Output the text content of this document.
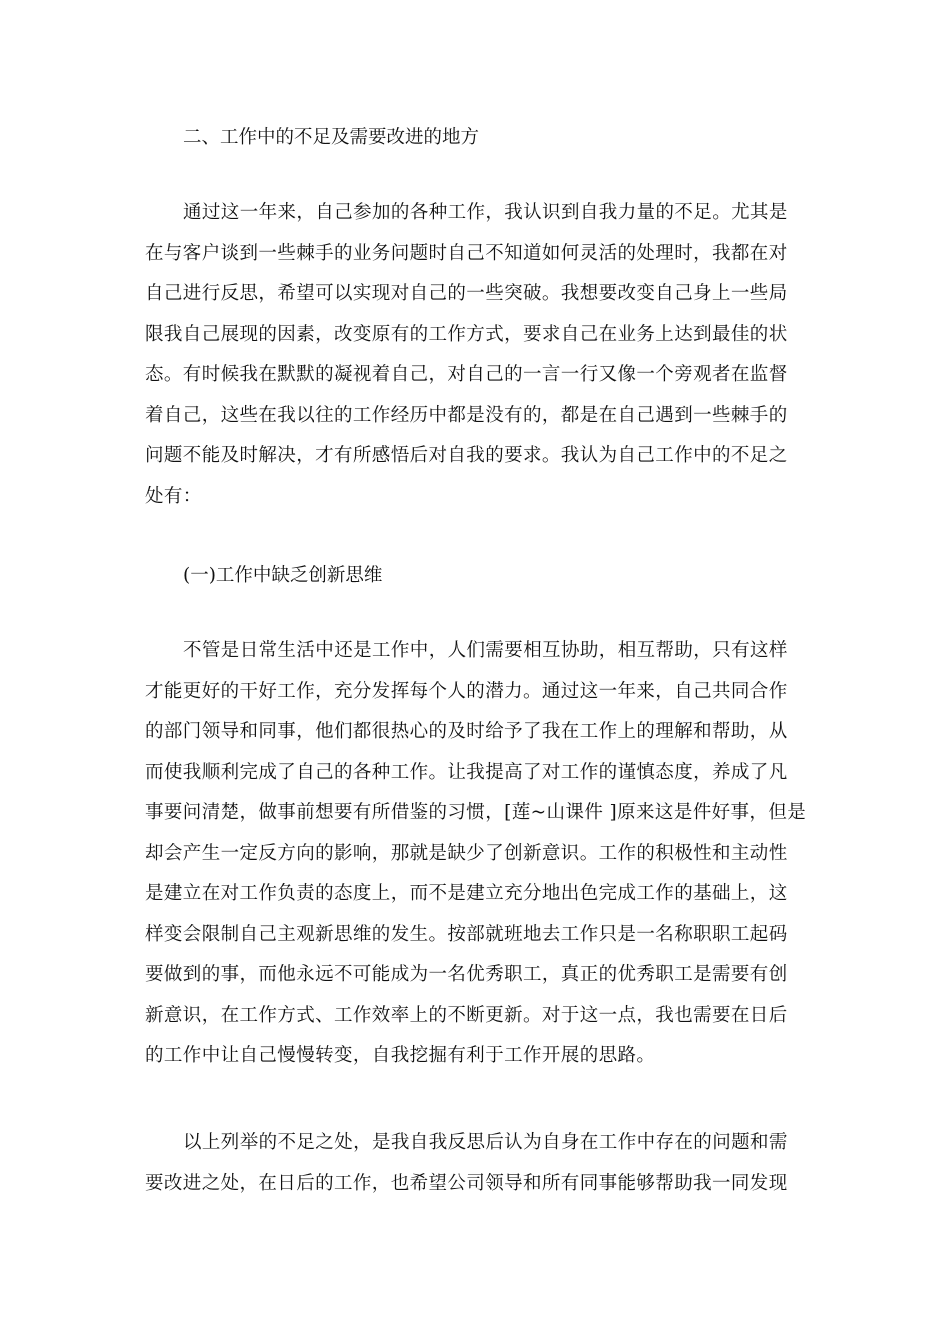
二、工作中的不足及需要改进的地方

通过这一年来，自己参加的各种工作，我认识到自我力量的不足。尤其是
在与客户谈到一些棘手的业务问题时自己不知道如何灵活的处理时，我都在对
自己进行反思，希望可以实现对自己的一些突破。我想要改变自己身上一些局
限我自己展现的因素，改变原有的工作方式，要求自己在业务上达到最佳的状
态。有时候我在默默的凝视着自己，对自己的一言一行又像一个旁观者在监督
着自己，这些在我以往的工作经历中都是没有的，都是在自己遇到一些棘手的
问题不能及时解决，才有所感悟后对自我的要求。我认为自己工作中的不足之
处有：

(一)工作中缺乏创新思维

不管是日常生活中还是工作中，人们需要相互协助，相互帮助，只有这样
才能更好的干好工作，充分发挥每个人的潜力。通过这一年来，自己共同合作
的部门领导和同事，他们都很热心的及时给予了我在工作上的理解和帮助，从
而使我顺利完成了自己的各种工作。让我提高了对工作的谨慎态度，养成了凡
事要问清楚，做事前想要有所借鉴的习惯，[莲~山课件 ]原来这是件好事，但是
却会产生一定反方向的影响，那就是缺少了创新意识。工作的积极性和主动性
是建立在对工作负责的态度上，而不是建立充分地出色完成工作的基础上，这
样变会限制自己主观新思维的发生。按部就班地去工作只是一名称职职工起码
要做到的事，而他永远不可能成为一名优秀职工，真正的优秀职工是需要有创
新意识，在工作方式、工作效率上的不断更新。对于这一点，我也需要在日后
的工作中让自己慢慢转变，自我挖掘有利于工作开展的思路。

以上列举的不足之处，是我自我反思后认为自身在工作中存在的问题和需
要改进之处，在日后的工作，也希望公司领导和所有同事能够帮助我一同发现
